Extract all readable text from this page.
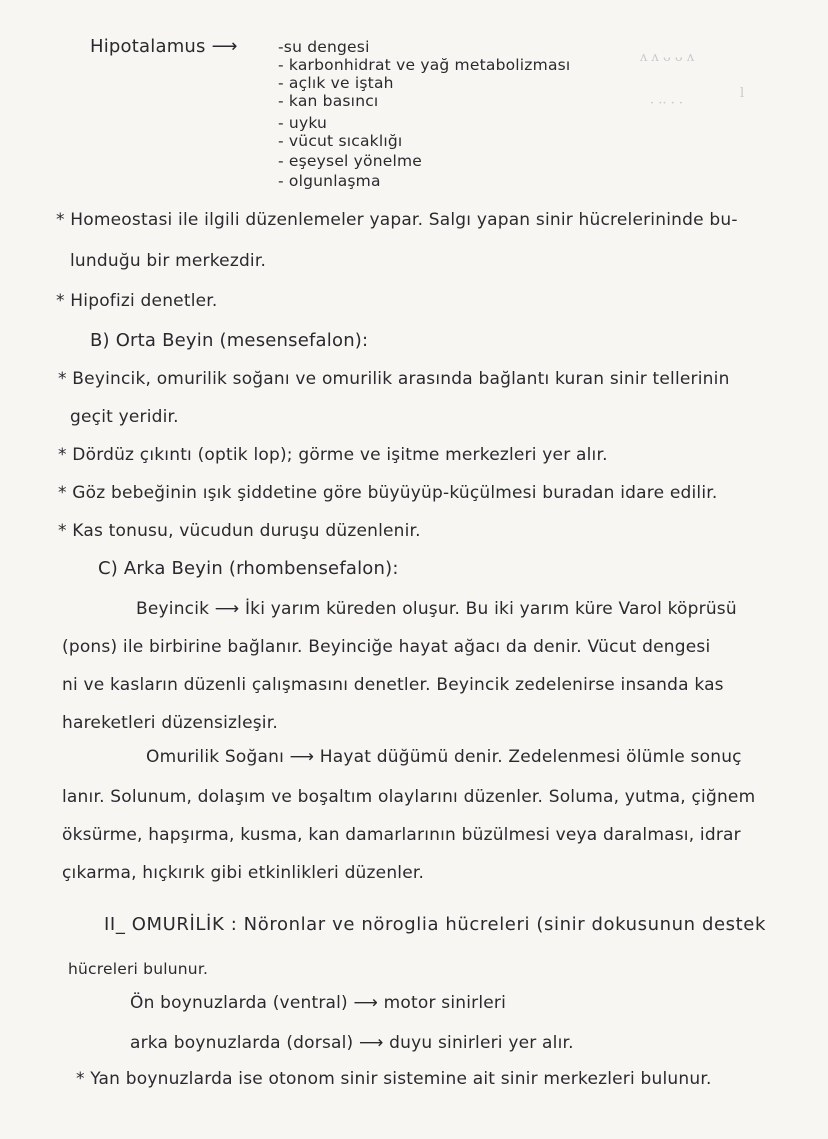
ᴧ ᴧ ᴗ ᴗ ᴧ
ⅼ
· ·· · ·
Hipotalamus ⟶	-su dengesi
- karbonhidrat ve yağ metabolizması
- açlık ve iştah
- kan basıncı
- uyku
- vücut sıcaklığı
- eşeysel yönelme
- olgunlaşma
* Homeostasi ile ilgili düzenlemeler yapar. Salgı yapan sinir hücrelerininde bu-
lunduğu bir merkezdir.
* Hipofizi denetler.
B) Orta Beyin (mesensefalon):
* Beyincik, omurilik soğanı ve omurilik arasında bağlantı kuran sinir tellerinin
geçit yeridir.
* Dördüz çıkıntı (optik lop); görme ve işitme merkezleri yer alır.
* Göz bebeğinin ışık şiddetine göre büyüyüp-küçülmesi buradan idare edilir.
* Kas tonusu, vücudun duruşu düzenlenir.
C) Arka Beyin (rhombensefalon):
Beyincik ⟶ İki yarım küreden oluşur. Bu iki yarım küre Varol köprüsü
(pons) ile birbirine bağlanır. Beyinciğe hayat ağacı da denir. Vücut dengesi
ni ve kasların düzenli çalışmasını denetler. Beyincik zedelenirse insanda kas
hareketleri düzensizleşir.
Omurilik Soğanı ⟶ Hayat düğümü denir. Zedelenmesi ölümle sonuç
lanır. Solunum, dolaşım ve boşaltım olaylarını düzenler. Soluma, yutma, çiğnem
öksürme, hapşırma, kusma, kan damarlarının büzülmesi veya daralması, idrar
çıkarma, hıçkırık gibi etkinlikleri düzenler.
II_ OMURİLİK : Nöronlar ve nöroglia hücreleri (sinir dokusunun destek
hücreleri bulunur.
Ön boynuzlarda (ventral) ⟶ motor sinirleri
arka boynuzlarda (dorsal) ⟶ duyu sinirleri yer alır.
* Yan boynuzlarda ise otonom sinir sistemine ait sinir merkezleri bulunur.
